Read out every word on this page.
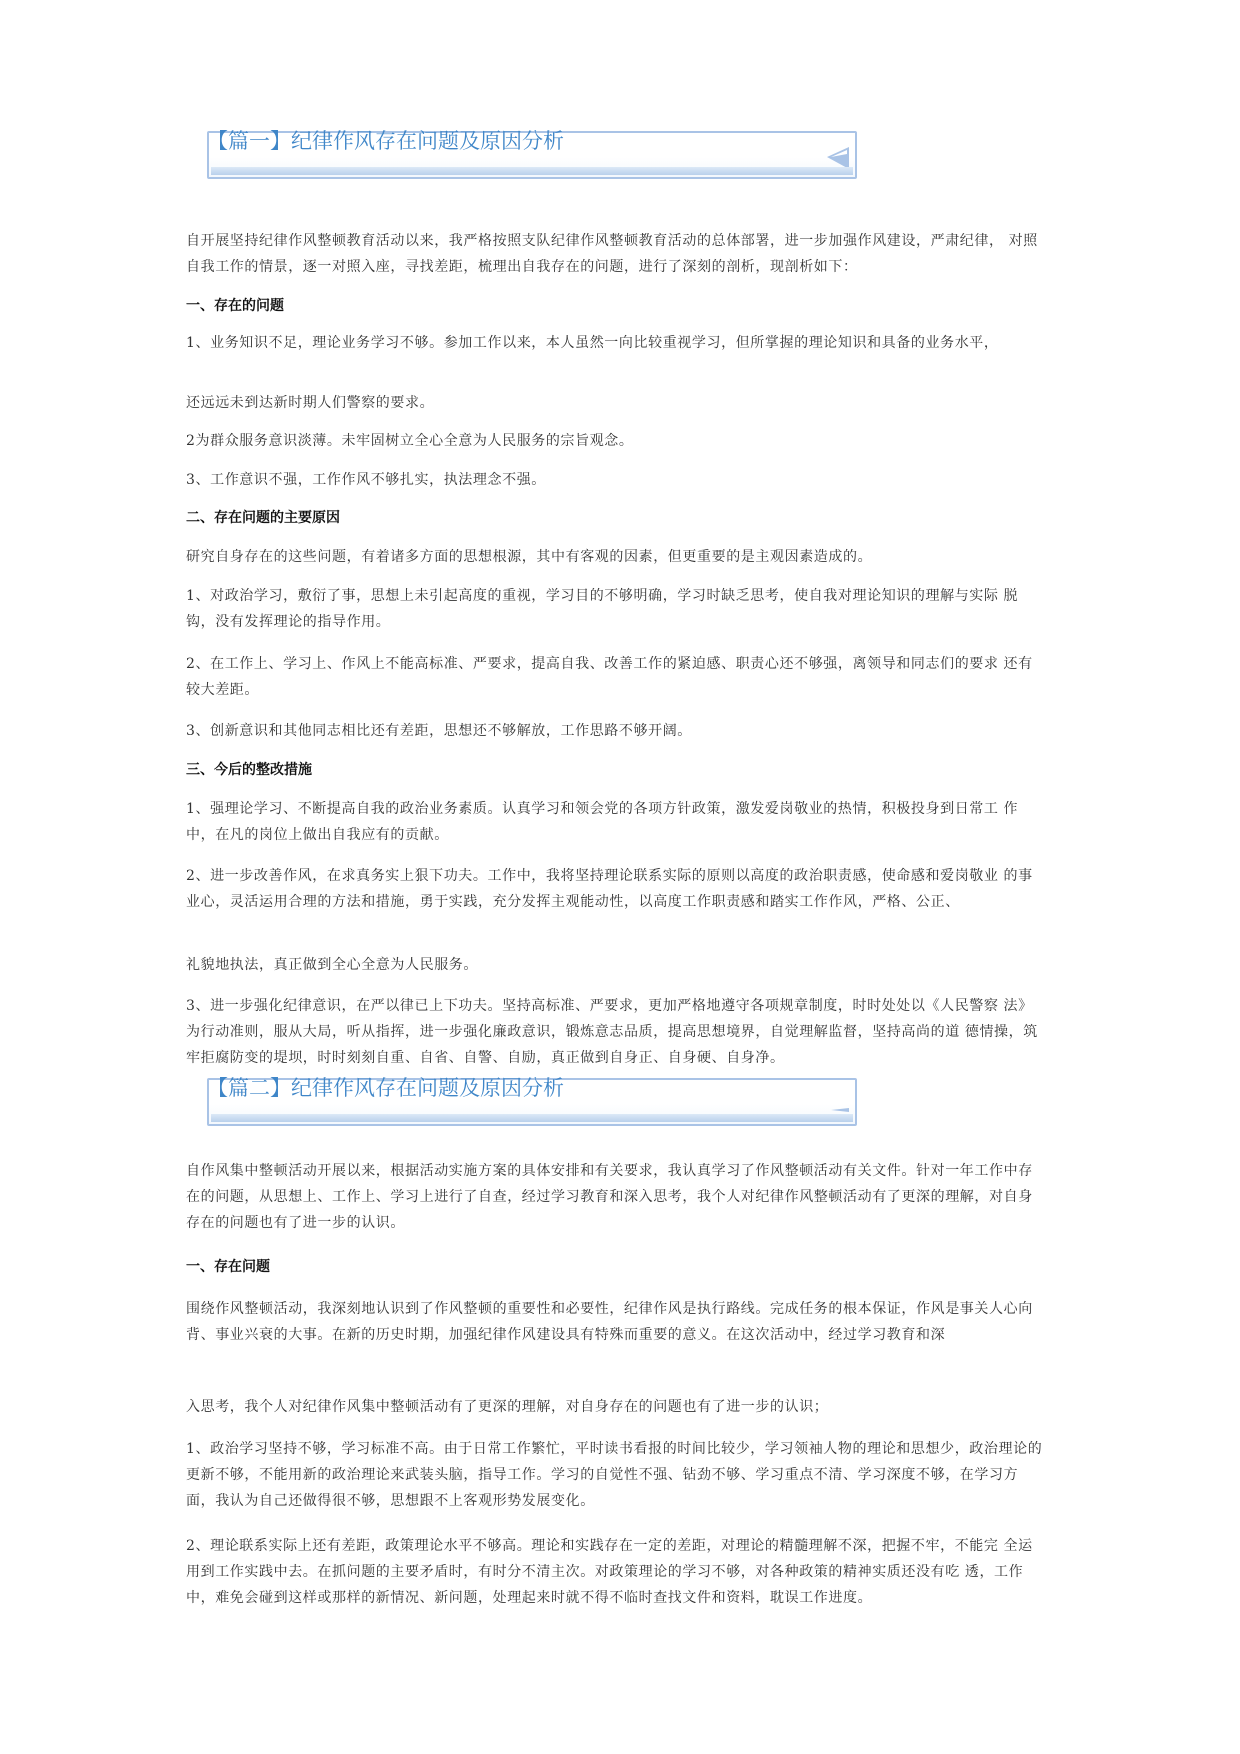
【篇一】纪律作风存在问题及原因分析

自开展坚持纪律作风整顿教育活动以来，我严格按照支队纪律作风整顿教育活动的总体部署，进一步加强作风建设，严肃纪律， 对照自我工作的情景，逐一对照入座，寻找差距，梳理出自我存在的问题，进行了深刻的剖析，现剖析如下：

一、存在的问题

1、业务知识不足，理论业务学习不够。参加工作以来，本人虽然一向比较重视学习，但所掌握的理论知识和具备的业务水平，

还远远未到达新时期人们警察的要求。

2为群众服务意识淡薄。未牢固树立全心全意为人民服务的宗旨观念。

3、工作意识不强，工作作风不够扎实，执法理念不强。

二、存在问题的主要原因

研究自身存在的这些问题，有着诸多方面的思想根源，其中有客观的因素，但更重要的是主观因素造成的。

1、对政治学习，敷衍了事，思想上未引起高度的重视，学习目的不够明确，学习时缺乏思考，使自我对理论知识的理解与实际 脱钩，没有发挥理论的指导作用。

2、在工作上、学习上、作风上不能高标准、严要求，提高自我、改善工作的紧迫感、职责心还不够强，离领导和同志们的要求 还有较大差距。

3、创新意识和其他同志相比还有差距，思想还不够解放，工作思路不够开阔。

三、今后的整改措施

1、强理论学习、不断提高自我的政治业务素质。认真学习和领会党的各项方针政策，激发爱岗敬业的热情，积极投身到日常工 作中，在凡的岗位上做出自我应有的贡献。

2、进一步改善作风，在求真务实上狠下功夫。工作中，我将坚持理论联系实际的原则以高度的政治职责感，使命感和爱岗敬业 的事业心，灵活运用合理的方法和措施，勇于实践，充分发挥主观能动性，以高度工作职责感和踏实工作作风，严格、公正、

礼貌地执法，真正做到全心全意为人民服务。

3、进一步强化纪律意识，在严以律已上下功夫。坚持高标准、严要求，更加严格地遵守各项规章制度，时时处处以《人民警察 法》为行动准则，服从大局，听从指挥，进一步强化廉政意识，锻炼意志品质，提高思想境界，自觉理解监督，坚持高尚的道 德情操，筑牢拒腐防变的堤坝，时时刻刻自重、自省、自警、自励，真正做到自身正、自身硬、自身净。

【篇二】纪律作风存在问题及原因分析

自作风集中整顿活动开展以来，根据活动实施方案的具体安排和有关要求，我认真学习了作风整顿活动有关文件。针对一年工作中存在的问题，从思想上、工作上、学习上进行了自查，经过学习教育和深入思考，我个人对纪律作风整顿活动有了更深的理解，对自身存在的问题也有了进一步的认识。

一、存在问题

围绕作风整顿活动，我深刻地认识到了作风整顿的重要性和必要性，纪律作风是执行路线。完成任务的根本保证，作风是事关人心向背、事业兴衰的大事。在新的历史时期，加强纪律作风建设具有特殊而重要的意义。在这次活动中，经过学习教育和深

入思考，我个人对纪律作风集中整顿活动有了更深的理解，对自身存在的问题也有了进一步的认识；

1、政治学习坚持不够，学习标准不高。由于日常工作繁忙，平时读书看报的时间比较少，学习领袖人物的理论和思想少，政治理论的更新不够，不能用新的政治理论来武装头脑，指导工作。学习的自觉性不强、钻劲不够、学习重点不清、学习深度不够，在学习方面，我认为自己还做得很不够，思想跟不上客观形势发展变化。

2、理论联系实际上还有差距，政策理论水平不够高。理论和实践存在一定的差距，对理论的精髓理解不深，把握不牢，不能完 全运用到工作实践中去。在抓问题的主要矛盾时，有时分不清主次。对政策理论的学习不够，对各种政策的精神实质还没有吃 透，工作中，难免会碰到这样或那样的新情况、新问题，处理起来时就不得不临时查找文件和资料，耽误工作进度。
